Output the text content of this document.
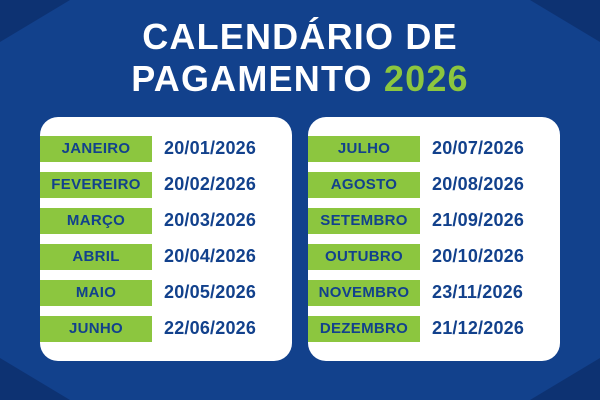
CALENDÁRIO DE
PAGAMENTO 2026
JANEIRO	20/01/2026
FEVEREIRO	20/02/2026
MARÇO	20/03/2026
ABRIL	20/04/2026
MAIO	20/05/2026
JUNHO	22/06/2026
JULHO	20/07/2026
AGOSTO	20/08/2026
SETEMBRO	21/09/2026
OUTUBRO	20/10/2026
NOVEMBRO	23/11/2026
DEZEMBRO	21/12/2026
